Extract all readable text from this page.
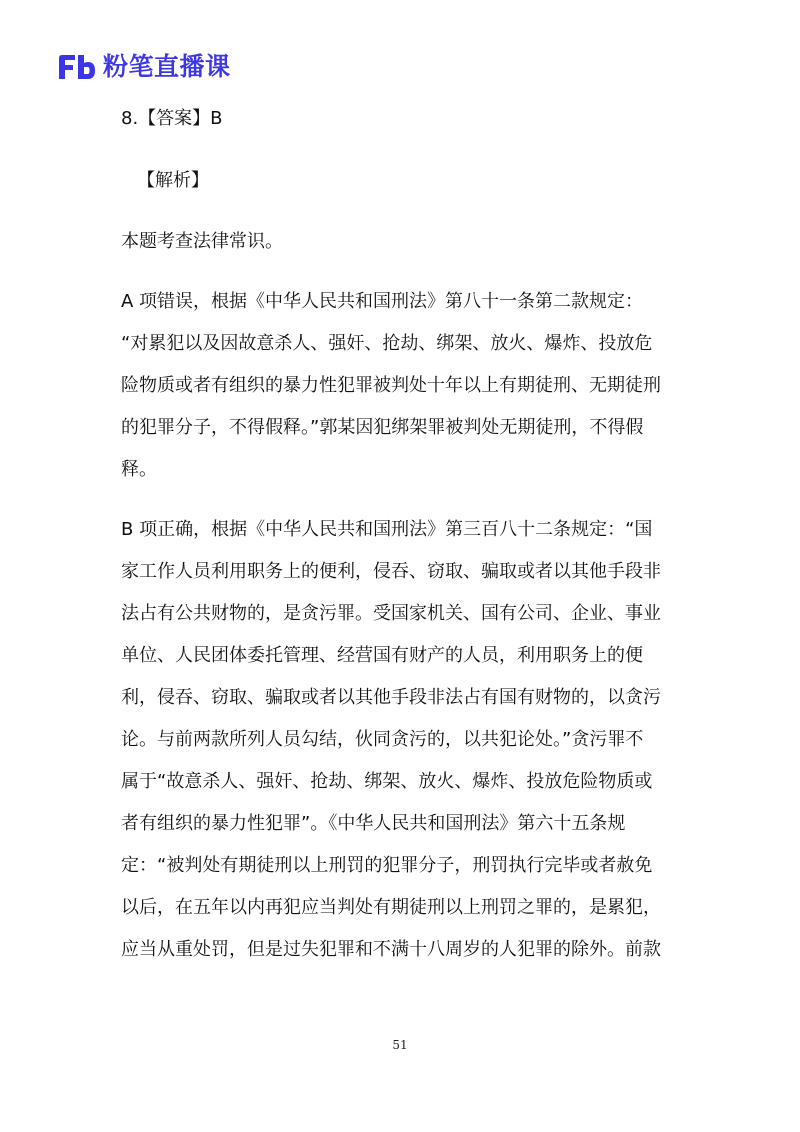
粉笔直播课
8.【答案】B
【解析】
本题考查法律常识。
A 项错误，根据《中华人民共和国刑法》第八十一条第二款规定：
“对累犯以及因故意杀人、强奸、抢劫、绑架、放火、爆炸、投放危
险物质或者有组织的暴力性犯罪被判处十年以上有期徒刑、无期徒刑
的犯罪分子，不得假释。”郭某因犯绑架罪被判处无期徒刑，不得假
释。
B 项正确，根据《中华人民共和国刑法》第三百八十二条规定：“国
家工作人员利用职务上的便利，侵吞、窃取、骗取或者以其他手段非
法占有公共财物的，是贪污罪。受国家机关、国有公司、企业、事业
单位、人民团体委托管理、经营国有财产的人员，利用职务上的便
利，侵吞、窃取、骗取或者以其他手段非法占有国有财物的，以贪污
论。与前两款所列人员勾结，伙同贪污的，以共犯论处。”贪污罪不
属于“故意杀人、强奸、抢劫、绑架、放火、爆炸、投放危险物质或
者有组织的暴力性犯罪”。《中华人民共和国刑法》第六十五条规
定：“被判处有期徒刑以上刑罚的犯罪分子，刑罚执行完毕或者赦免
以后，在五年以内再犯应当判处有期徒刑以上刑罚之罪的，是累犯，
应当从重处罚，但是过失犯罪和不满十八周岁的人犯罪的除外。前款
51
